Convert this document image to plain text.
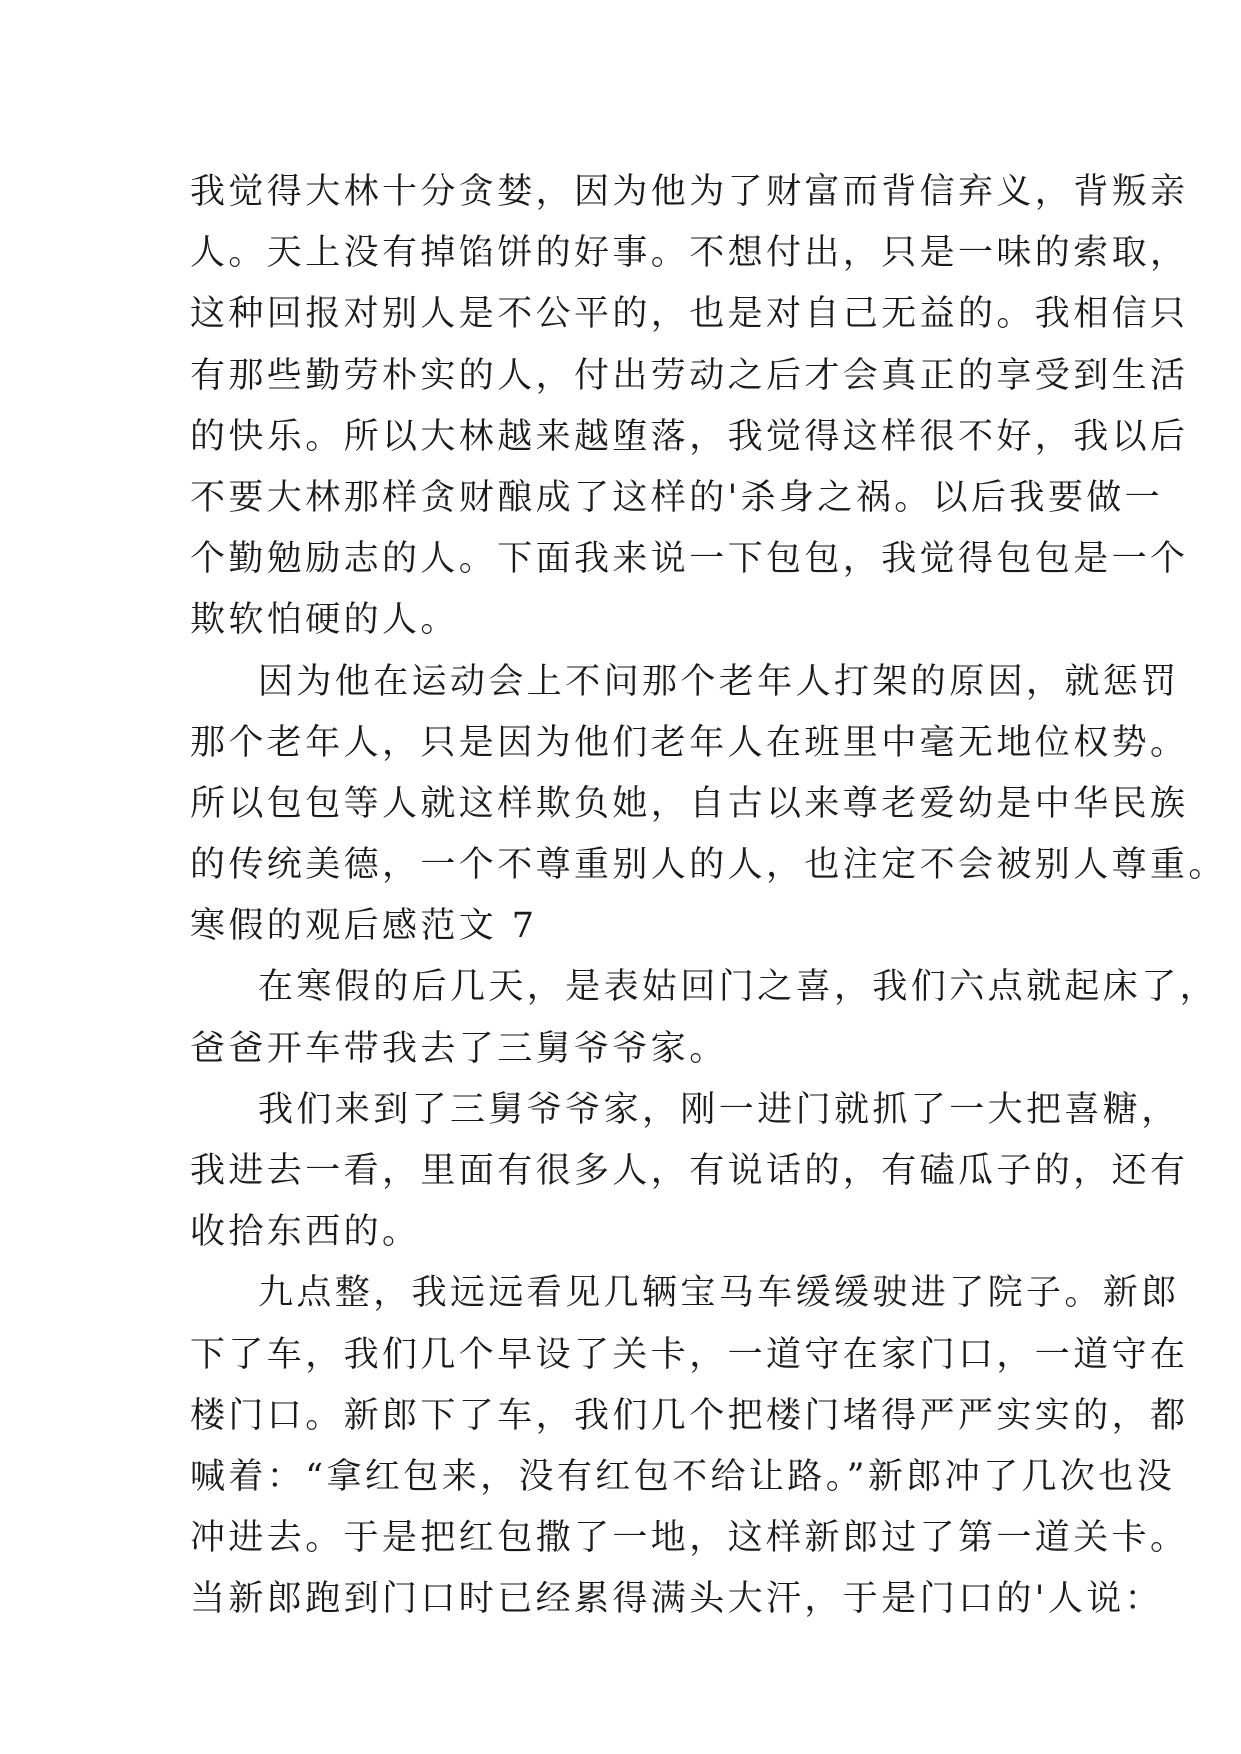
我觉得大林十分贪婪，因为他为了财富而背信弃义，背叛亲
人。天上没有掉馅饼的好事。不想付出，只是一味的索取，
这种回报对别人是不公平的，也是对自己无益的。我相信只
有那些勤劳朴实的人，付出劳动之后才会真正的享受到生活
的快乐。所以大林越来越堕落，我觉得这样很不好，我以后
不要大林那样贪财酿成了这样的'杀身之祸。以后我要做一
个勤勉励志的人。下面我来说一下包包，我觉得包包是一个
欺软怕硬的人。
因为他在运动会上不问那个老年人打架的原因，就惩罚
那个老年人，只是因为他们老年人在班里中毫无地位权势。
所以包包等人就这样欺负她，自古以来尊老爱幼是中华民族
的传统美德，一个不尊重别人的人，也注定不会被别人尊重。
寒假的观后感范文 7
在寒假的后几天，是表姑回门之喜，我们六点就起床了，
爸爸开车带我去了三舅爷爷家。
我们来到了三舅爷爷家，刚一进门就抓了一大把喜糖，
我进去一看，里面有很多人，有说话的，有磕瓜子的，还有
收拾东西的。
九点整，我远远看见几辆宝马车缓缓驶进了院子。新郎
下了车，我们几个早设了关卡，一道守在家门口，一道守在
楼门口。新郎下了车，我们几个把楼门堵得严严实实的，都
喊着：“拿红包来，没有红包不给让路。”新郎冲了几次也没
冲进去。于是把红包撒了一地，这样新郎过了第一道关卡。
当新郎跑到门口时已经累得满头大汗，于是门口的'人说：
